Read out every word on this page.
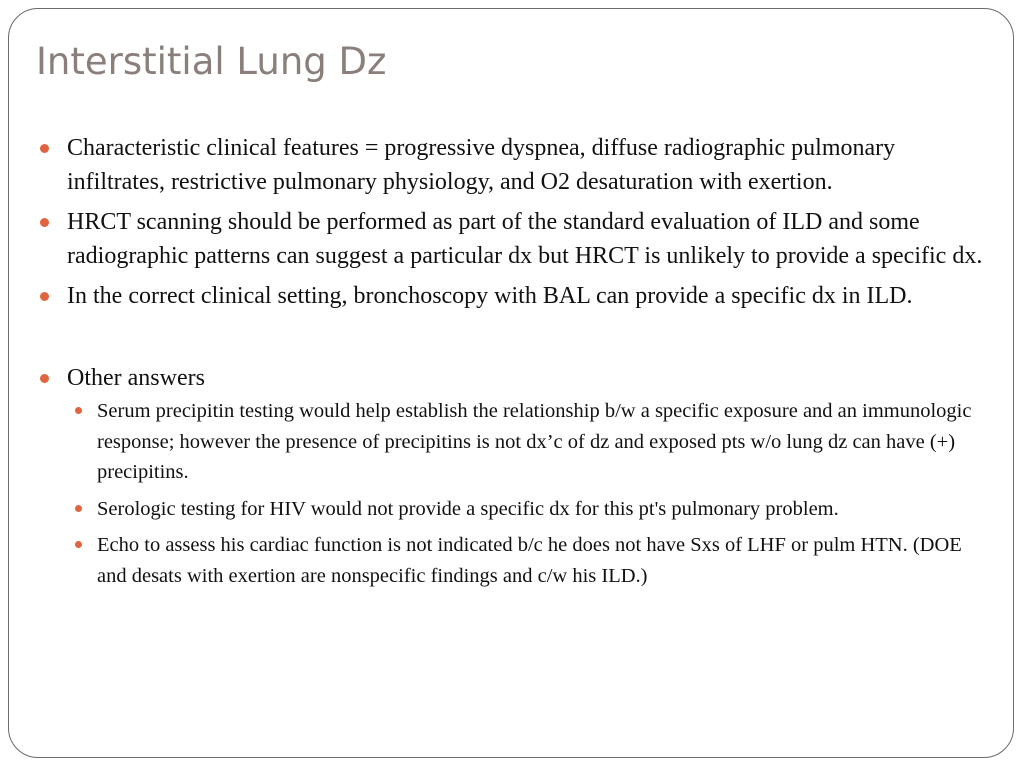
Interstitial Lung Dz
Characteristic clinical features = progressive dyspnea, diffuse radiographic pulmonary infiltrates, restrictive pulmonary physiology, and O2 desaturation with exertion.
HRCT scanning should be performed as part of the standard evaluation of ILD and some radiographic patterns can suggest a particular dx but HRCT is unlikely to provide a specific dx.
In the correct clinical setting, bronchoscopy with BAL can provide a specific dx in ILD.
Other answers
Serum precipitin testing would help establish the relationship b/w a specific exposure and an immunologic response; however the presence of precipitins is not dx’c of dz and exposed pts w/o lung dz can have (+) precipitins.
Serologic testing for HIV would not provide a specific dx for this pt's pulmonary problem.
Echo to assess his cardiac function is not indicated b/c he does not have Sxs of LHF or pulm HTN. (DOE and desats with exertion are nonspecific findings and c/w his ILD.)
